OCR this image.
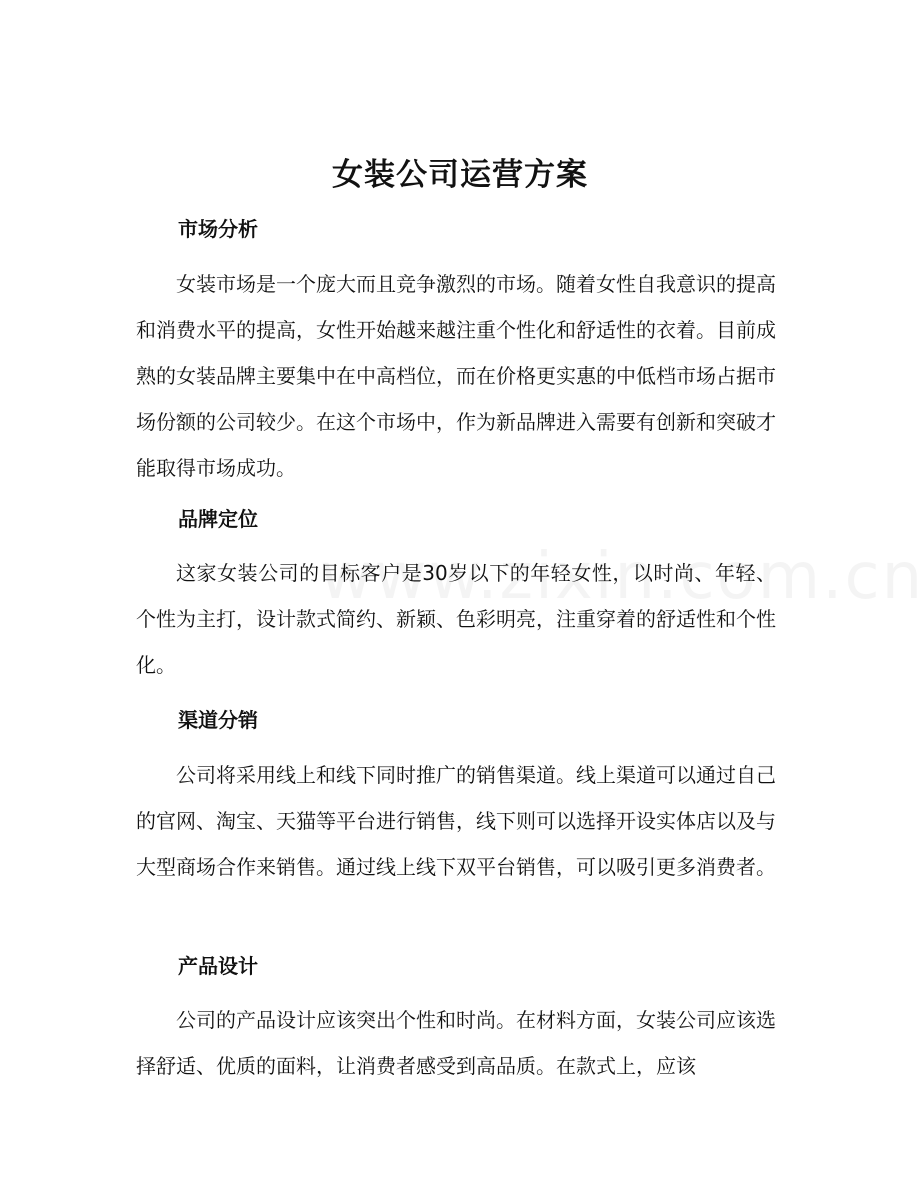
女装公司运营方案
市场分析

女装市场是一个庞大而且竞争激烈的市场。随着女性自我意识的提高和消费水平的提高，女性开始越来越注重个性化和舒适性的衣着。目前成熟的女装品牌主要集中在中高档位，而在价格更实惠的中低档市场占据市场份额的公司较少。在这个市场中，作为新品牌进入需要有创新和突破才能取得市场成功。

品牌定位

这家女装公司的目标客户是30岁以下的年轻女性，以时尚、年轻、个性为主打，设计款式简约、新颖、色彩明亮，注重穿着的舒适性和个性化。

渠道分销

公司将采用线上和线下同时推广的销售渠道。线上渠道可以通过自己的官网、淘宝、天猫等平台进行销售，线下则可以选择开设实体店以及与大型商场合作来销售。通过线上线下双平台销售，可以吸引更多消费者。

产品设计

公司的产品设计应该突出个性和时尚。在材料方面，女装公司应该选择舒适、优质的面料，让消费者感受到高品质。在款式上，应该
